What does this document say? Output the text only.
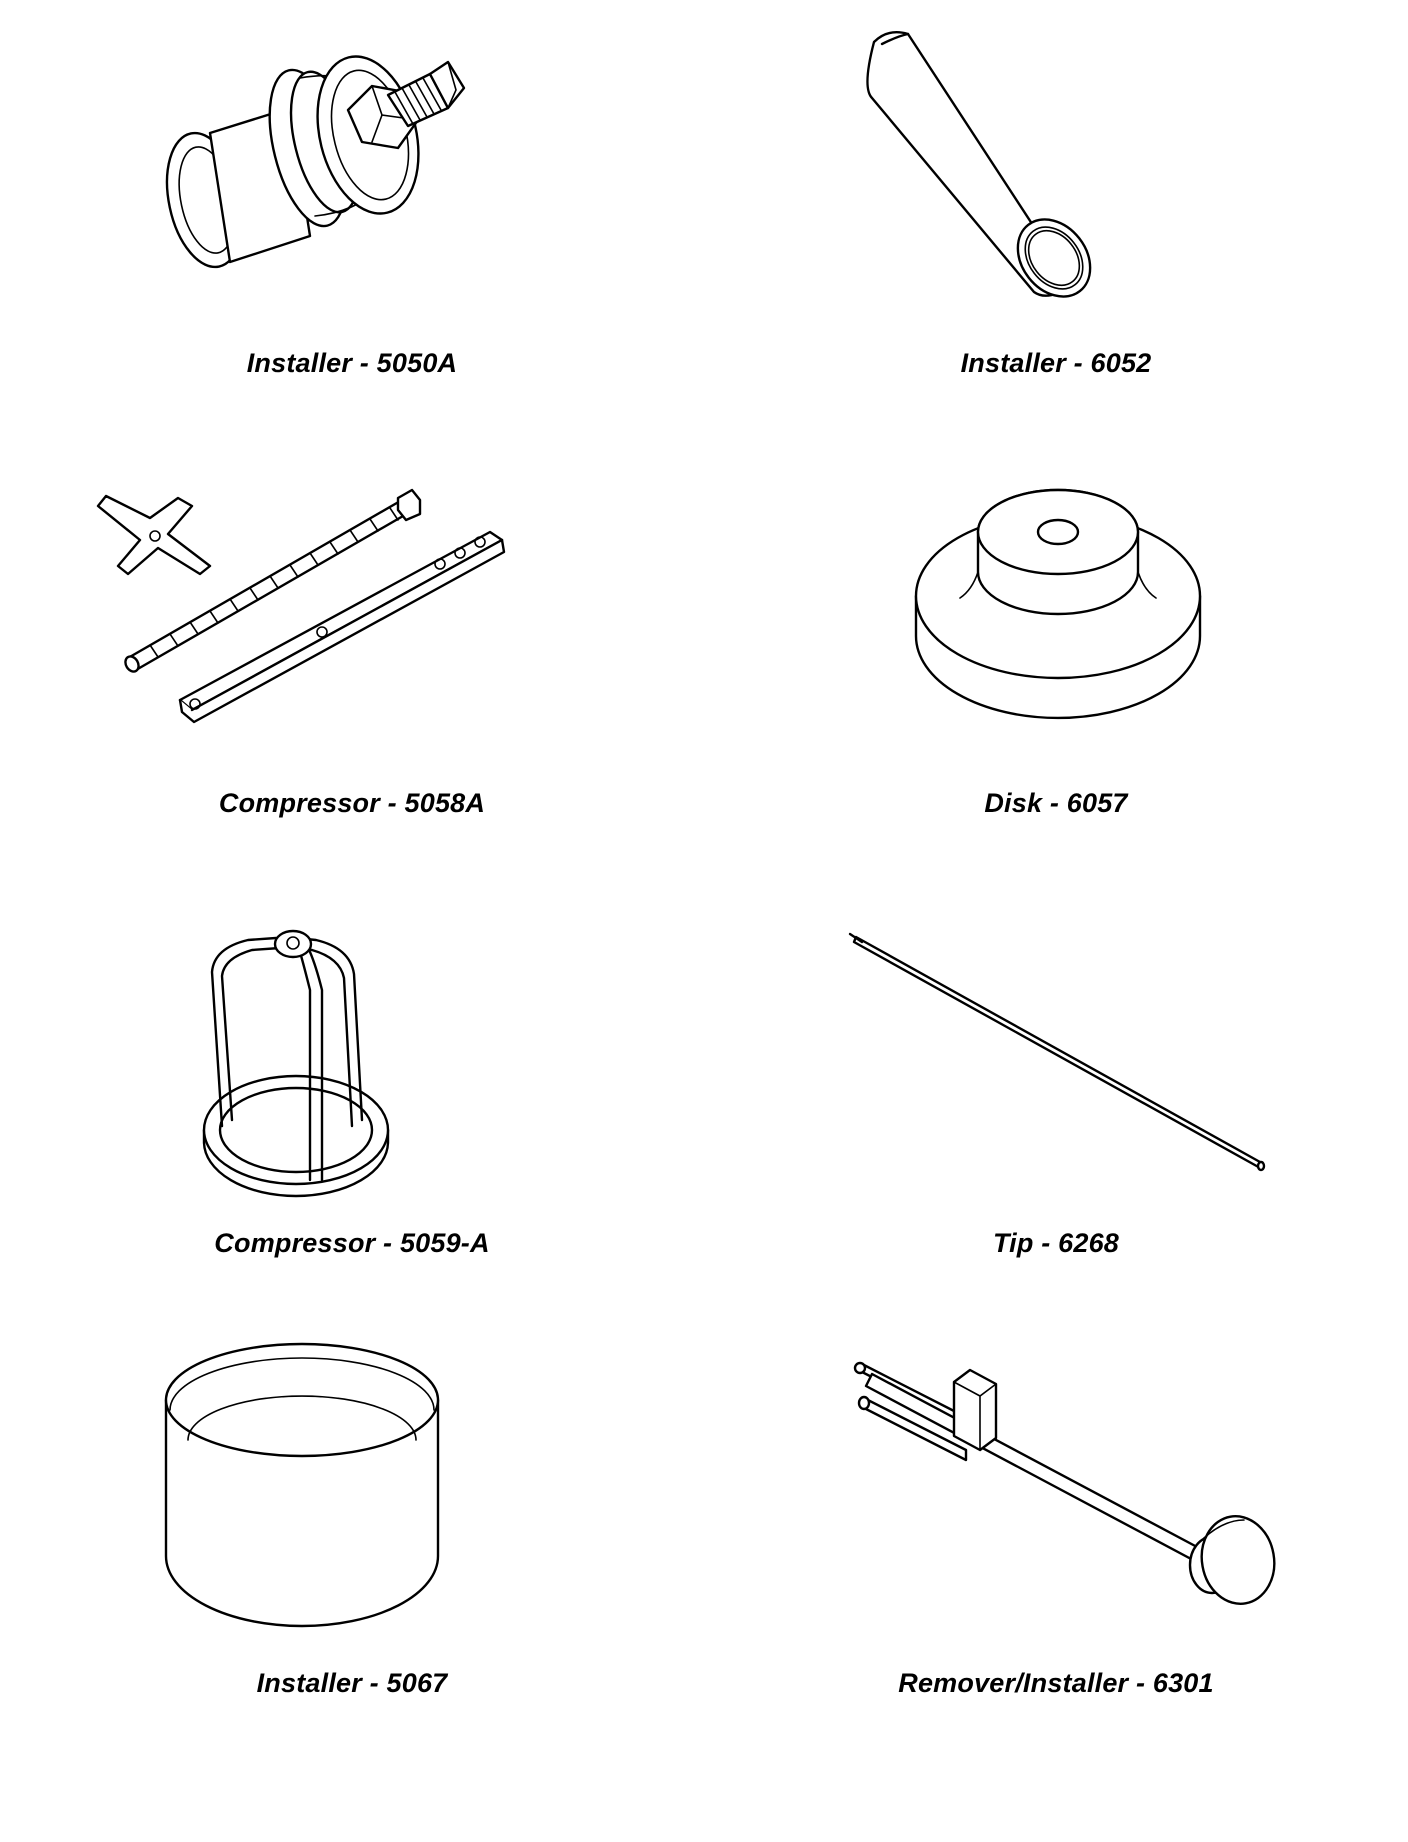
Installer - 5050A	Installer - 6052
Compressor - 5058A	Disk - 6057
Compressor - 5059-A	Tip - 6268
Installer - 5067	Remover/Installer - 6301
